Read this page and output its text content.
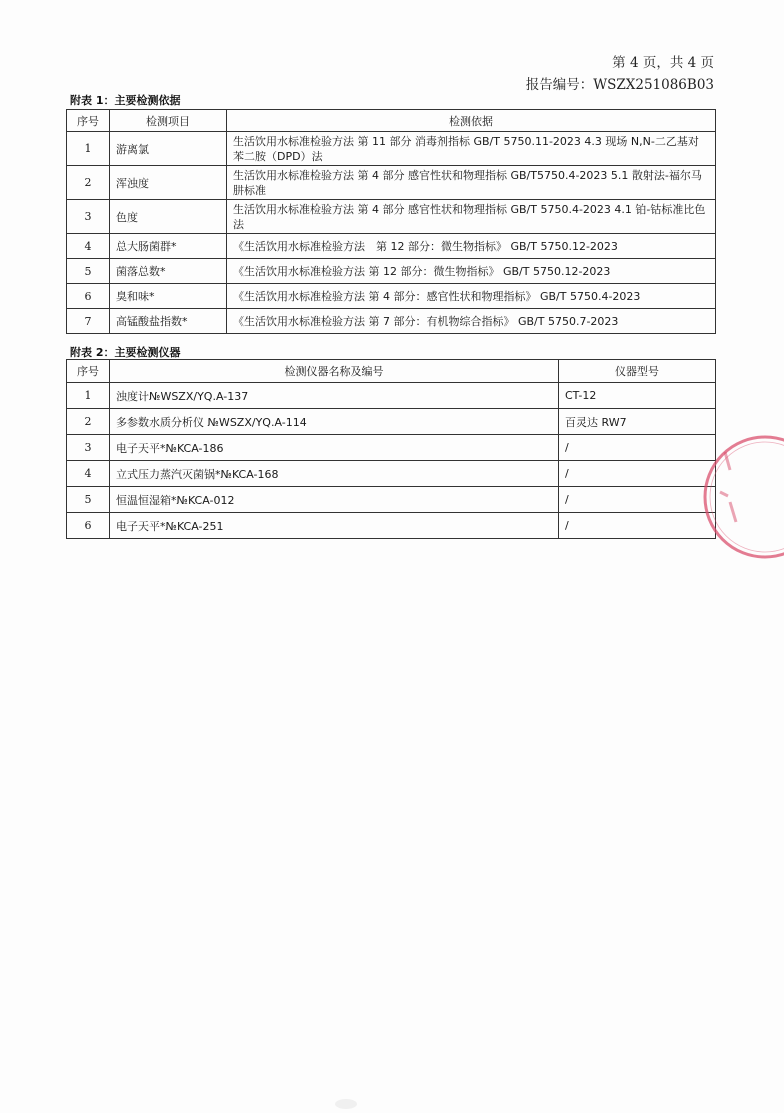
第 4 页，共 4 页
报告编号：WSZX251086B03
附表 1：主要检测依据
序号	检测项目	检测依据
1	游离氯	生活饮用水标准检验方法 第 11 部分 消毒剂指标 GB/T 5750.11-2023 4.3 现场 N,N-二乙基对苯二胺（DPD）法
2	浑浊度	生活饮用水标准检验方法 第 4 部分 感官性状和物理指标 GB/T5750.4-2023 5.1 散射法-福尔马肼标准
3	色度	生活饮用水标准检验方法 第 4 部分 感官性状和物理指标 GB/T 5750.4-2023 4.1 铂-钴标准比色法
4	总大肠菌群*	《生活饮用水标准检验方法　第 12 部分：微生物指标》 GB/T 5750.12-2023
5	菌落总数*	《生活饮用水标准检验方法 第 12 部分：微生物指标》 GB/T 5750.12-2023
6	臭和味*	《生活饮用水标准检验方法 第 4 部分：感官性状和物理指标》 GB/T 5750.4-2023
7	高锰酸盐指数*	《生活饮用水标准检验方法 第 7 部分：有机物综合指标》 GB/T 5750.7-2023
附表 2：主要检测仪器
序号	检测仪器名称及编号	仪器型号
1	浊度计№WSZX/YQ.A-137	CT-12
2	多参数水质分析仪 №WSZX/YQ.A-114	百灵达 RW7
3	电子天平*№KCA-186	/
4	立式压力蒸汽灭菌锅*№KCA-168	/
5	恒温恒湿箱*№KCA-012	/
6	电子天平*№KCA-251	/
